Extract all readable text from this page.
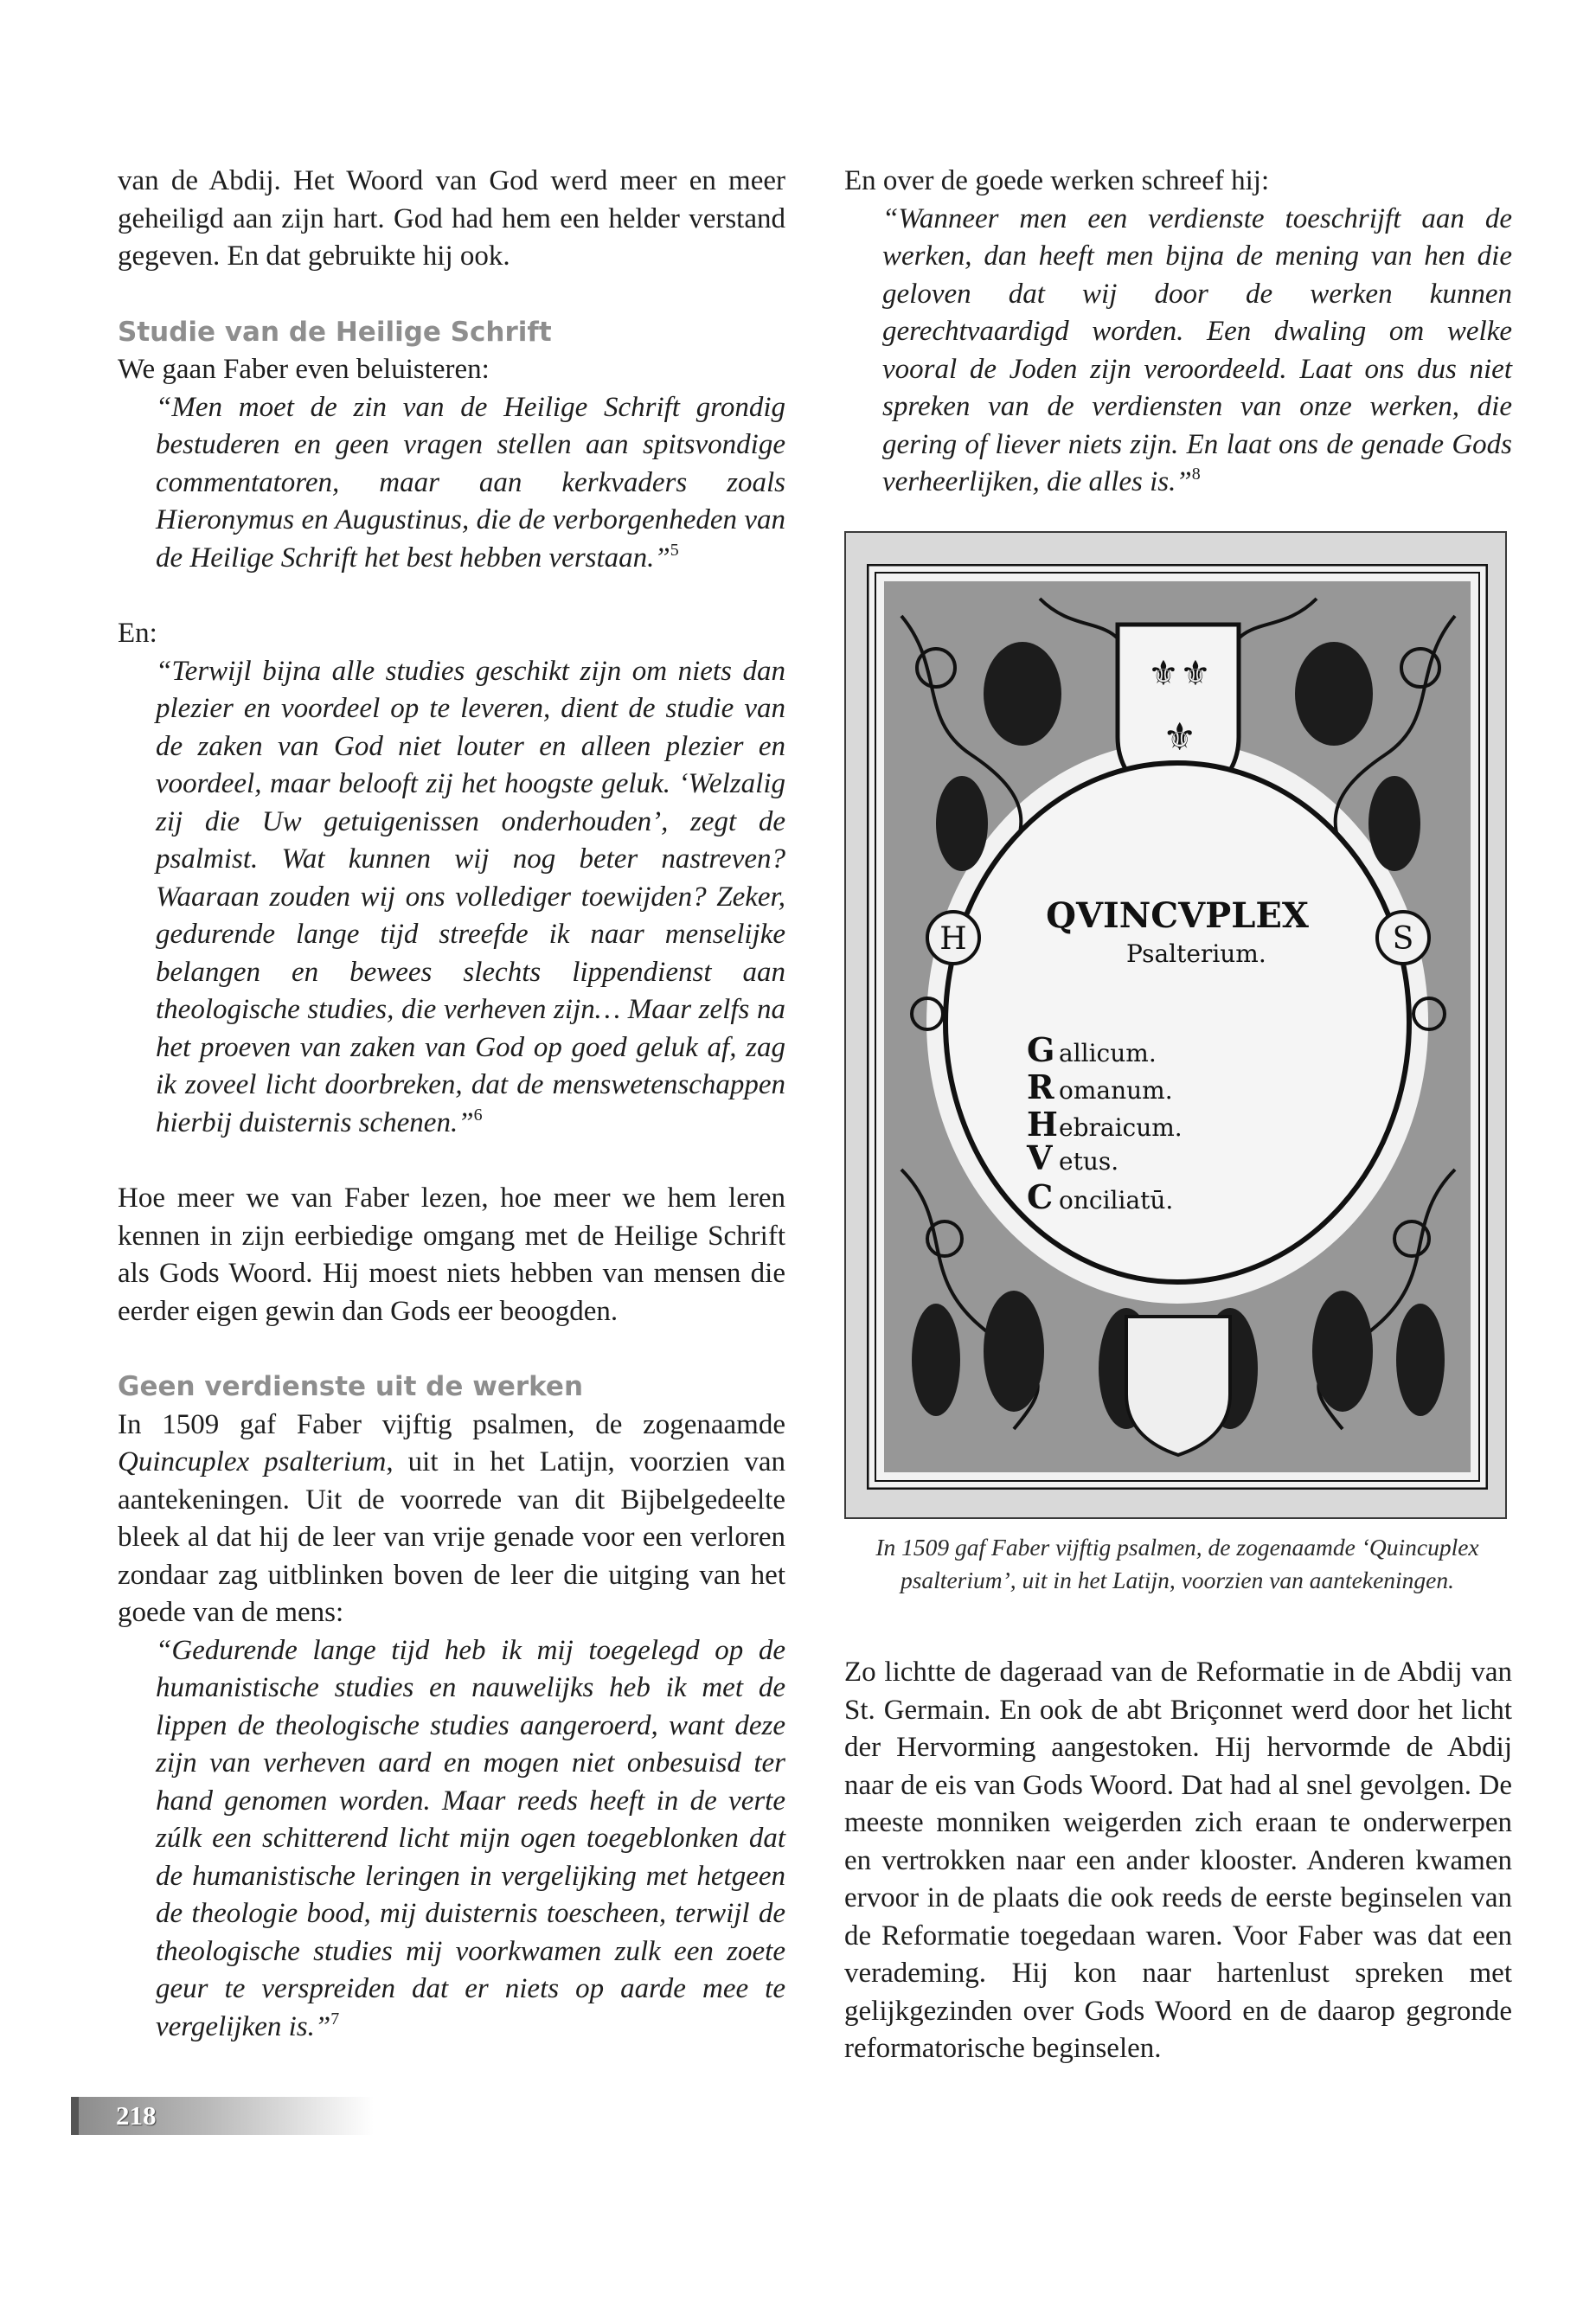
van de Abdij. Het Woord van God werd meer en meer geheiligd aan zijn hart. God had hem een helder verstand gegeven. En dat gebruikte hij ook.

Studie van de Heilige Schrift

We gaan Faber even beluisteren:

“Men moet de zin van de Heilige Schrift grondig bestuderen en geen vragen stellen aan spitsvondige commentatoren, maar aan kerkvaders zoals Hieronymus en Augustinus, die de verborgenheden van de Heilige Schrift het best hebben verstaan.”$^5$

En:

“Terwijl bijna alle studies geschikt zijn om niets dan plezier en voordeel op te leveren, dient de studie van de zaken van God niet louter en alleen plezier en voordeel, maar belooft zij het hoogste geluk. ‘Welzalig zij die Uw getuigenissen onderhouden’, zegt de psalmist. Wat kunnen wij nog beter nastreven? Waaraan zouden wij ons vollediger toewijden? Zeker, gedurende lange tijd streefde ik naar menselijke belangen en bewees slechts lippendienst aan theologische studies, die verheven zijn… Maar zelfs na het proeven van zaken van God op goed geluk af, zag ik zoveel licht doorbreken, dat de menswetenschappen hierbij duisternis schenen.”$^6$

Hoe meer we van Faber lezen, hoe meer we hem leren kennen in zijn eerbiedige omgang met de Heilige Schrift als Gods Woord. Hij moest niets hebben van mensen die eerder eigen gewin dan Gods eer beoogden.

Geen verdienste uit de werken

In 1509 gaf Faber vijftig psalmen, de zogenaamde Quincuplex psalterium, uit in het Latijn, voorzien van aantekeningen. Uit de voorrede van dit Bijbelgedeelte bleek al dat hij de leer van vrije genade voor een verloren zondaar zag uitblinken boven de leer die uitging van het goede van de mens:

“Gedurende lange tijd heb ik mij toegelegd op de humanistische studies en nauwelijks heb ik met de lippen de theologische studies aangeroerd, want deze zijn van verheven aard en mogen niet onbesuisd ter hand genomen worden. Maar reeds heeft in de verte zúlk een schitterend licht mijn ogen toegeblonken dat de humanistische leringen in vergelijking met hetgeen de theologie bood, mij duisternis toescheen, terwijl de theologische studies mij voorkwamen zulk een zoete geur te verspreiden dat er niets op aarde mee te vergelijken is.”$^7$

En over de goede werken schreef hij:

“Wanneer men een verdienste toeschrijft aan de werken, dan heeft men bijna de mening van hen die geloven dat wij door de werken kunnen gerechtvaardigd worden. Een dwaling om welke vooral de Joden zijn veroordeeld. Laat ons dus niet spreken van de verdiensten van onze werken, die gering of liever niets zijn. En laat ons de genade Gods verheerlijken, die alles is.”$^8$

⚜ ⚜
⚜
H	S
QVINCVPLEX
Psalterium.
G allicum.
R omanum.
H ebraicum.
V etus.
C onciliatū.
In 1509 gaf Faber vijftig psalmen, de zogenaamde ‘Quincuplex psalterium’, uit in het Latijn, voorzien van aantekeningen.

Zo lichtte de dageraad van de Reformatie in de Abdij van St. Germain. En ook de abt Briçonnet werd door het licht der Hervorming aangestoken. Hij hervormde de Abdij naar de eis van Gods Woord. Dat had al snel gevolgen. De meeste monniken weigerden zich eraan te onderwerpen en vertrokken naar een ander klooster. Anderen kwamen ervoor in de plaats die ook reeds de eerste beginselen van de Reformatie toegedaan waren. Voor Faber was dat een verademing. Hij kon naar hartenlust spreken met gelijkgezinden over Gods Woord en de daarop gegronde reformatorische beginselen.

218
